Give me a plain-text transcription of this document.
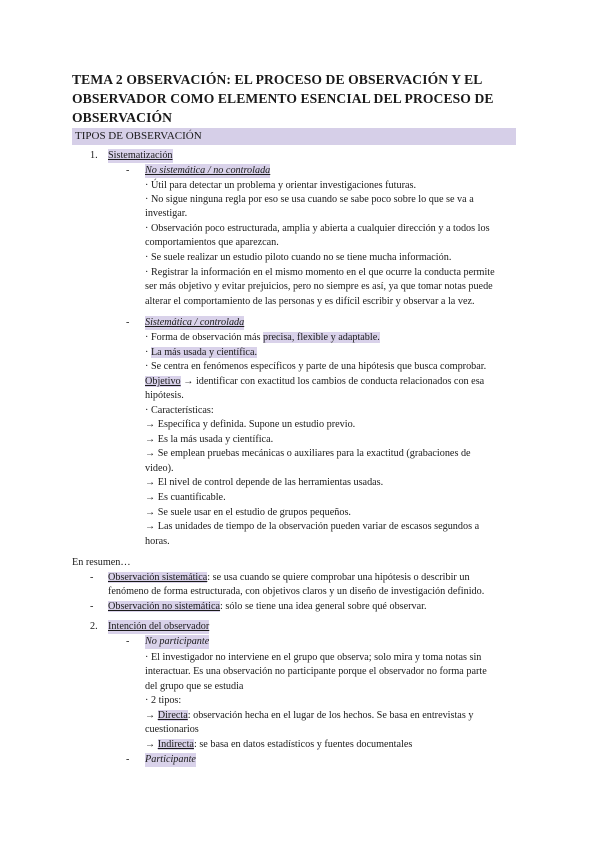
TEMA 2 OBSERVACIÓN: EL PROCESO DE OBSERVACIÓN Y EL OBSERVADOR COMO ELEMENTO ESENCIAL DEL PROCESO DE OBSERVACIÓN
TIPOS DE OBSERVACIÓN
1. Sistematización
- No sistemática / no controlada

· Útil para detectar un problema y orientar investigaciones futuras.

· No sigue ninguna regla por eso se usa cuando se sabe poco sobre lo que se va a

investigar.

· Observación poco estructurada, amplia y abierta a cualquier dirección y a todos los

comportamientos que aparezcan.

· Se suele realizar un estudio piloto cuando no se tiene mucha información.

· Registrar la información en el mismo momento en el que ocurre la conducta permite

ser más objetivo y evitar prejuicios, pero no siempre es así, ya que tomar notas puede

alterar el comportamiento de las personas y es difícil escribir y observar a la vez.

- Sistemática / controlada

· Forma de observación más precisa, flexible y adaptable.

· La más usada y científica.

· Se centra en fenómenos específicos y parte de una hipótesis que busca comprobar.

Objetivo → identificar con exactitud los cambios de conducta relacionados con esa

hipótesis.

· Características:

→ Específica y definida. Supone un estudio previo.

→ Es la más usada y científica.

→ Se emplean pruebas mecánicas o auxiliares para la exactitud (grabaciones de

video).

→ El nivel de control depende de las herramientas usadas.

→ Es cuantificable.

→ Se suele usar en el estudio de grupos pequeños.

→ Las unidades de tiempo de la observación pueden variar de escasos segundos a

horas.

En resumen…

- Observación sistemática: se usa cuando se quiere comprobar una hipótesis o describir un

fenómeno de forma estructurada, con objetivos claros y un diseño de investigación definido.

- Observación no sistemática: sólo se tiene una idea general sobre qué observar.

2. Intención del observador
- No participante

· El investigador no interviene en el grupo que observa; solo mira y toma notas sin

interactuar. Es una observación no participante porque el observador no forma parte

del grupo que se estudia

· 2 tipos:

→ Directa: observación hecha en el lugar de los hechos. Se basa en entrevistas y

cuestionarios

→ Indirecta: se basa en datos estadísticos y fuentes documentales

- Participante
